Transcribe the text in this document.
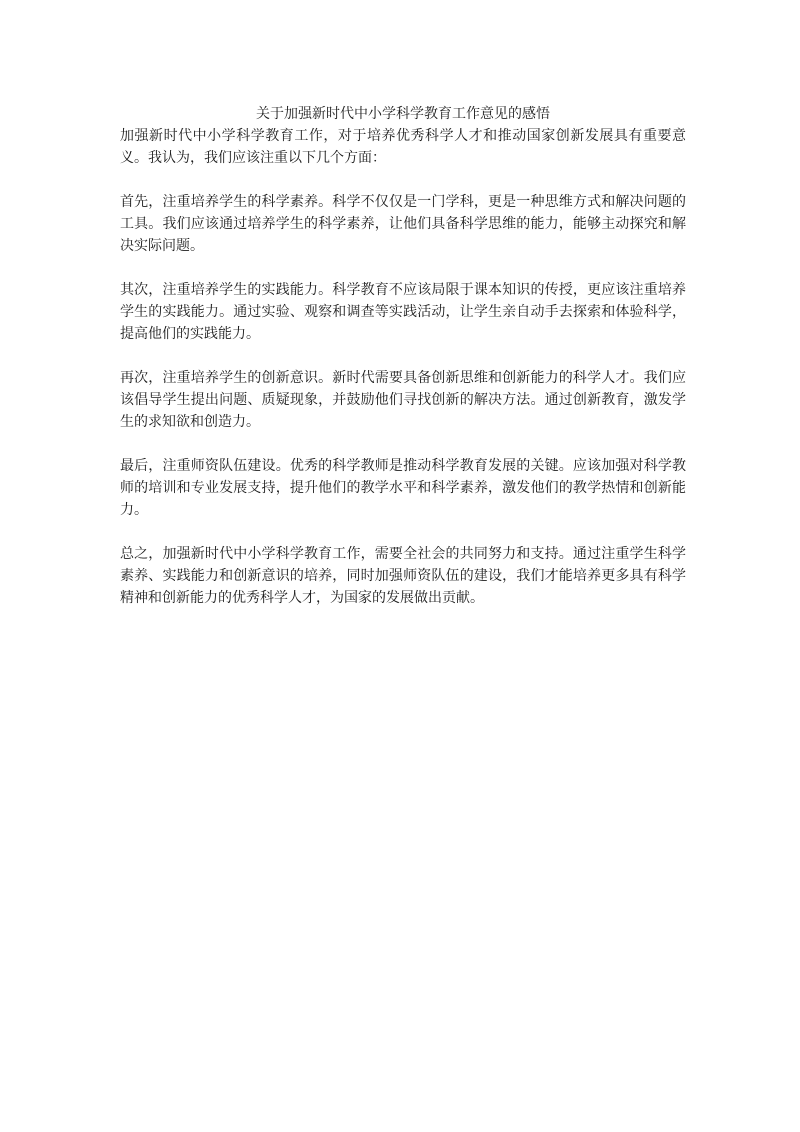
关于加强新时代中小学科学教育工作意见的感悟

加强新时代中小学科学教育工作，对于培养优秀科学人才和推动国家创新发展具有重要意义。我认为，我们应该注重以下几个方面：

首先，注重培养学生的科学素养。科学不仅仅是一门学科，更是一种思维方式和解决问题的工具。我们应该通过培养学生的科学素养，让他们具备科学思维的能力，能够主动探究和解决实际问题。

其次，注重培养学生的实践能力。科学教育不应该局限于课本知识的传授，更应该注重培养学生的实践能力。通过实验、观察和调查等实践活动，让学生亲自动手去探索和体验科学，提高他们的实践能力。

再次，注重培养学生的创新意识。新时代需要具备创新思维和创新能力的科学人才。我们应该倡导学生提出问题、质疑现象，并鼓励他们寻找创新的解决方法。通过创新教育，激发学生的求知欲和创造力。

最后，注重师资队伍建设。优秀的科学教师是推动科学教育发展的关键。应该加强对科学教师的培训和专业发展支持，提升他们的教学水平和科学素养，激发他们的教学热情和创新能力。

总之，加强新时代中小学科学教育工作，需要全社会的共同努力和支持。通过注重学生科学素养、实践能力和创新意识的培养，同时加强师资队伍的建设，我们才能培养更多具有科学精神和创新能力的优秀科学人才，为国家的发展做出贡献。
